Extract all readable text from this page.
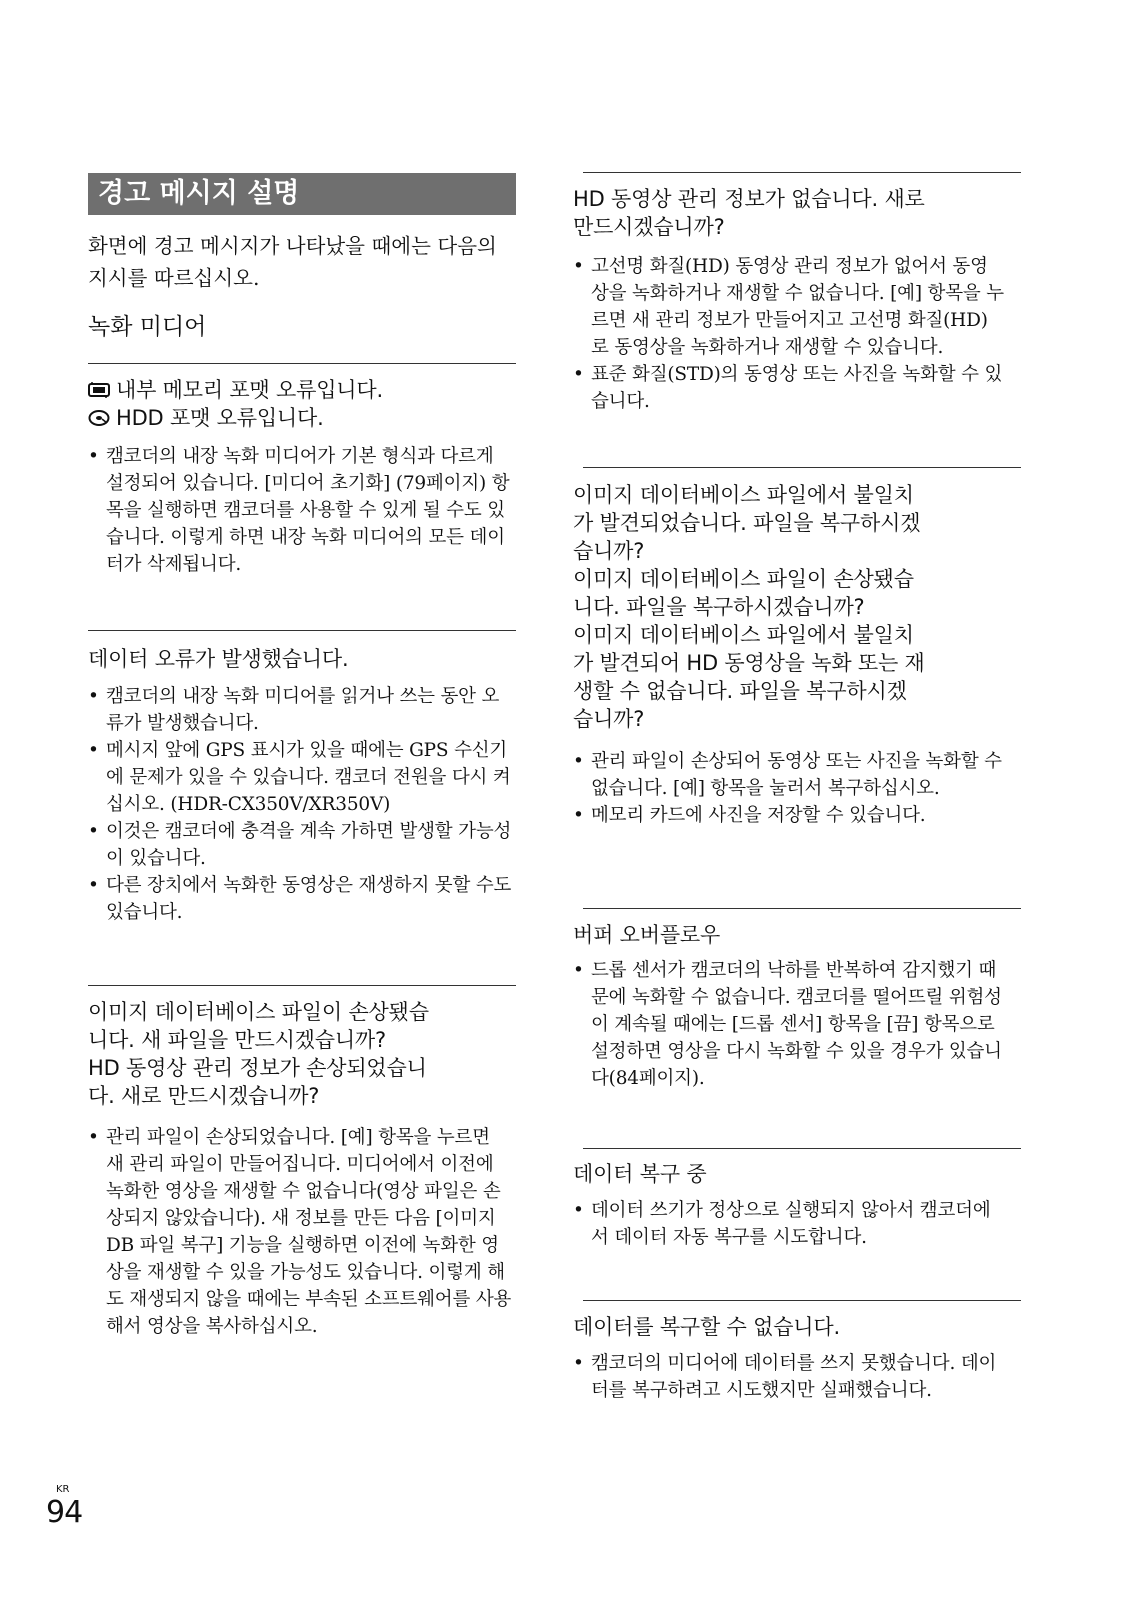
경고 메시지 설명
화면에 경고 메시지가 나타났을 때에는 다음의 지시를 따르십시오.
녹화 미디어
내부 메모리 포맷 오류입니다.
HDD 포맷 오류입니다.
• 캠코더의 내장 녹화 미디어가 기본 형식과 다르게 설정되어 있습니다. [미디어 초기화] (79페이지) 항목을 실행하면 캠코더를 사용할 수 있게 될 수도 있습니다. 이렇게 하면 내장 녹화 미디어의 모든 데이터가 삭제됩니다.
데이터 오류가 발생했습니다.
• 캠코더의 내장 녹화 미디어를 읽거나 쓰는 동안 오류가 발생했습니다.
• 메시지 앞에 GPS 표시가 있을 때에는 GPS 수신기에 문제가 있을 수 있습니다. 캠코더 전원을 다시 켜십시오. (HDR-CX350V/XR350V)
• 이것은 캠코더에 충격을 계속 가하면 발생할 가능성이 있습니다.
• 다른 장치에서 녹화한 동영상은 재생하지 못할 수도 있습니다.
이미지 데이터베이스 파일이 손상됐습
니다. 새 파일을 만드시겠습니까?
HD 동영상 관리 정보가 손상되었습니
다. 새로 만드시겠습니까?
• 관리 파일이 손상되었습니다. [예] 항목을 누르면 새 관리 파일이 만들어집니다. 미디어에서 이전에 녹화한 영상을 재생할 수 없습니다(영상 파일은 손상되지 않았습니다). 새 정보를 만든 다음 [이미지DB 파일 복구] 기능을 실행하면 이전에 녹화한 영상을 재생할 수 있을 가능성도 있습니다. 이렇게 해도 재생되지 않을 때에는 부속된 소프트웨어를 사용해서 영상을 복사하십시오.
HD 동영상 관리 정보가 없습니다. 새로
만드시겠습니까?
• 고선명 화질(HD) 동영상 관리 정보가 없어서 동영상을 녹화하거나 재생할 수 없습니다. [예] 항목을 누르면 새 관리 정보가 만들어지고 고선명 화질(HD)로 동영상을 녹화하거나 재생할 수 있습니다.
• 표준 화질(STD)의 동영상 또는 사진을 녹화할 수 있습니다.
이미지 데이터베이스 파일에서 불일치
가 발견되었습니다. 파일을 복구하시겠
습니까?
이미지 데이터베이스 파일이 손상됐습
니다. 파일을 복구하시겠습니까?
이미지 데이터베이스 파일에서 불일치
가 발견되어 HD 동영상을 녹화 또는 재
생할 수 없습니다. 파일을 복구하시겠
습니까?
• 관리 파일이 손상되어 동영상 또는 사진을 녹화할 수 없습니다. [예] 항목을 눌러서 복구하십시오.
• 메모리 카드에 사진을 저장할 수 있습니다.
버퍼 오버플로우
• 드롭 센서가 캠코더의 낙하를 반복하여 감지했기 때문에 녹화할 수 없습니다. 캠코더를 떨어뜨릴 위험성이 계속될 때에는 [드롭 센서] 항목을 [끔] 항목으로 설정하면 영상을 다시 녹화할 수 있을 경우가 있습니다(84페이지).
데이터 복구 중
• 데이터 쓰기가 정상으로 실행되지 않아서 캠코더에서 데이터 자동 복구를 시도합니다.
데이터를 복구할 수 없습니다.
• 캠코더의 미디어에 데이터를 쓰지 못했습니다. 데이터를 복구하려고 시도했지만 실패했습니다.
KR
94
